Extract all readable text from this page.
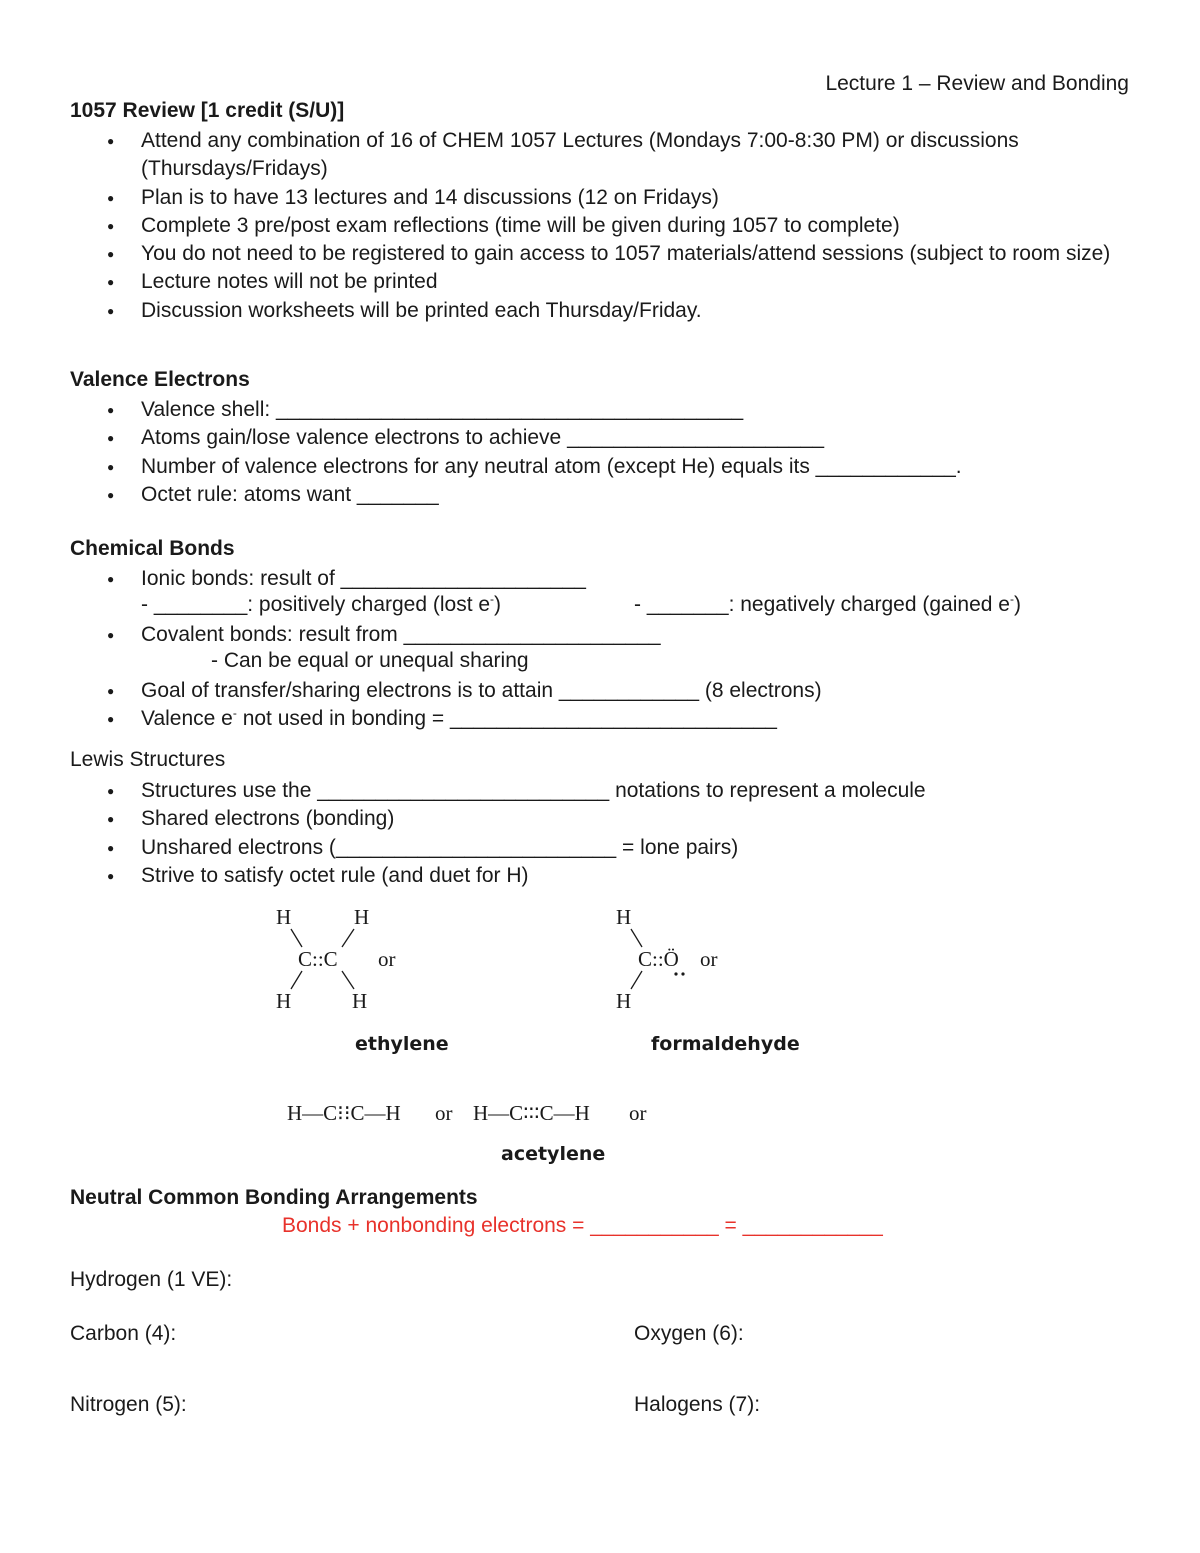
Lecture 1 – Review and Bonding
1057 Review [1 credit (S/U)]
● Attend any combination of 16 of CHEM 1057 Lectures (Mondays 7:00-8:30 PM) or discussions (Thursdays/Fridays)
● Plan is to have 13 lectures and 14 discussions (12 on Fridays)
● Complete 3 pre/post exam reflections (time will be given during 1057 to complete)
● You do not need to be registered to gain access to 1057 materials/attend sessions (subject to room size)
● Lecture notes will not be printed
● Discussion worksheets will be printed each Thursday/Friday.
Valence Electrons
● Valence shell: ________________________________________
● Atoms gain/lose valence electrons to achieve ______________________
● Number of valence electrons for any neutral atom (except He) equals its ____________.
● Octet rule: atoms want _______
Chemical Bonds
● Ionic bonds: result of _____________________
- ________: positively charged (lost e-)	- _______: negatively charged (gained e-)
● Covalent bonds: result from ______________________
- Can be equal or unequal sharing
● Goal of transfer/sharing electrons is to attain ____________ (8 electrons)
● Valence e- not used in bonding = ____________________________
Lewis Structures
● Structures use the _________________________ notations to represent a molecule
● Shared electrons (bonding)
● Unshared electrons (________________________ = lone pairs)
● Strive to satisfy octet rule (and duet for H)
H	H
C::C
H	H
or
ethylene
H
C::Ö
H
or
formaldehyde
H—C⁝⁝C—H or H—C∶∶∶C—H or
acetylene
Neutral Common Bonding Arrangements
Bonds + nonbonding electrons = ___________ = ____________
Hydrogen (1 VE):
Carbon (4):	Oxygen (6):
Nitrogen (5):	Halogens (7):
